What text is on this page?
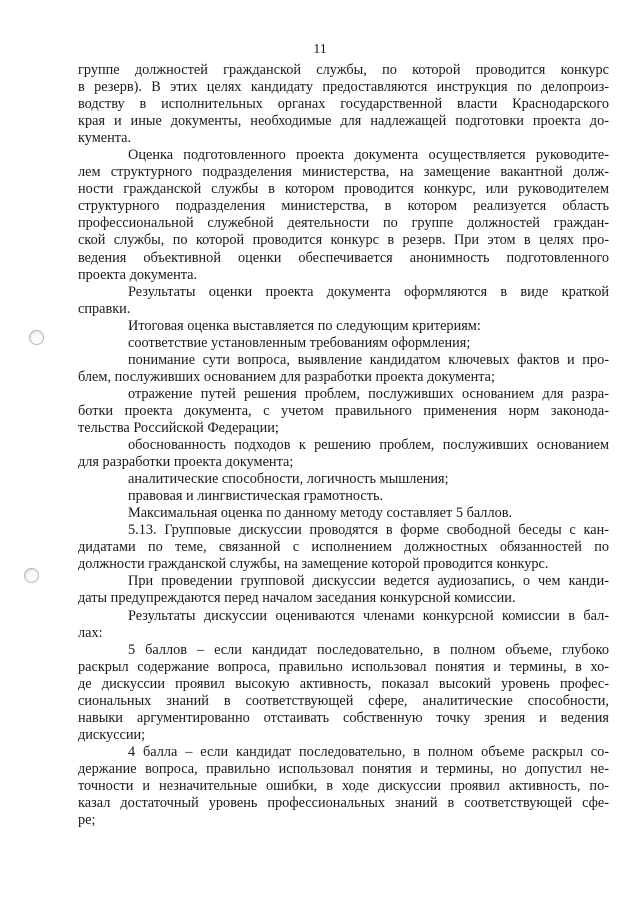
11
группе должностей гражданской службы, по которой проводится конкурс
в резерв). В этих целях кандидату предоставляются инструкция по делопроиз-
водству в исполнительных органах государственной власти Краснодарского
края и иные документы, необходимые для надлежащей подготовки проекта до-
кумента.
Оценка подготовленного проекта документа осуществляется руководите-
лем структурного подразделения министерства, на замещение вакантной долж-
ности гражданской службы в котором проводится конкурс, или руководителем
структурного подразделения министерства, в котором реализуется область
профессиональной служебной деятельности по группе должностей граждан-
ской службы, по которой проводится конкурс в резерв. При этом в целях про-
ведения объективной оценки обеспечивается анонимность подготовленного
проекта документа.
Результаты оценки проекта документа оформляются в виде краткой
справки.
Итоговая оценка выставляется по следующим критериям:
соответствие установленным требованиям оформления;
понимание сути вопроса, выявление кандидатом ключевых фактов и про-
блем, послуживших основанием для разработки проекта документа;
отражение путей решения проблем, послуживших основанием для разра-
ботки проекта документа, с учетом правильного применения норм законода-
тельства Российской Федерации;
обоснованность подходов к решению проблем, послуживших основанием
для разработки проекта документа;
аналитические способности, логичность мышления;
правовая и лингвистическая грамотность.
Максимальная оценка по данному методу составляет 5 баллов.
5.13. Групповые дискуссии проводятся в форме свободной беседы с кан-
дидатами по теме, связанной с исполнением должностных обязанностей по
должности гражданской службы, на замещение которой проводится конкурс.
При проведении групповой дискуссии ведется аудиозапись, о чем канди-
даты предупреждаются перед началом заседания конкурсной комиссии.
Результаты дискуссии оцениваются членами конкурсной комиссии в бал-
лах:
5 баллов – если кандидат последовательно, в полном объеме, глубоко
раскрыл содержание вопроса, правильно использовал понятия и термины, в хо-
де дискуссии проявил высокую активность, показал высокий уровень профес-
сиональных знаний в соответствующей сфере, аналитические способности,
навыки аргументированно отстаивать собственную точку зрения и ведения
дискуссии;
4 балла – если кандидат последовательно, в полном объеме раскрыл со-
держание вопроса, правильно использовал понятия и термины, но допустил не-
точности и незначительные ошибки, в ходе дискуссии проявил активность, по-
казал достаточный уровень профессиональных знаний в соответствующей сфе-
ре;
